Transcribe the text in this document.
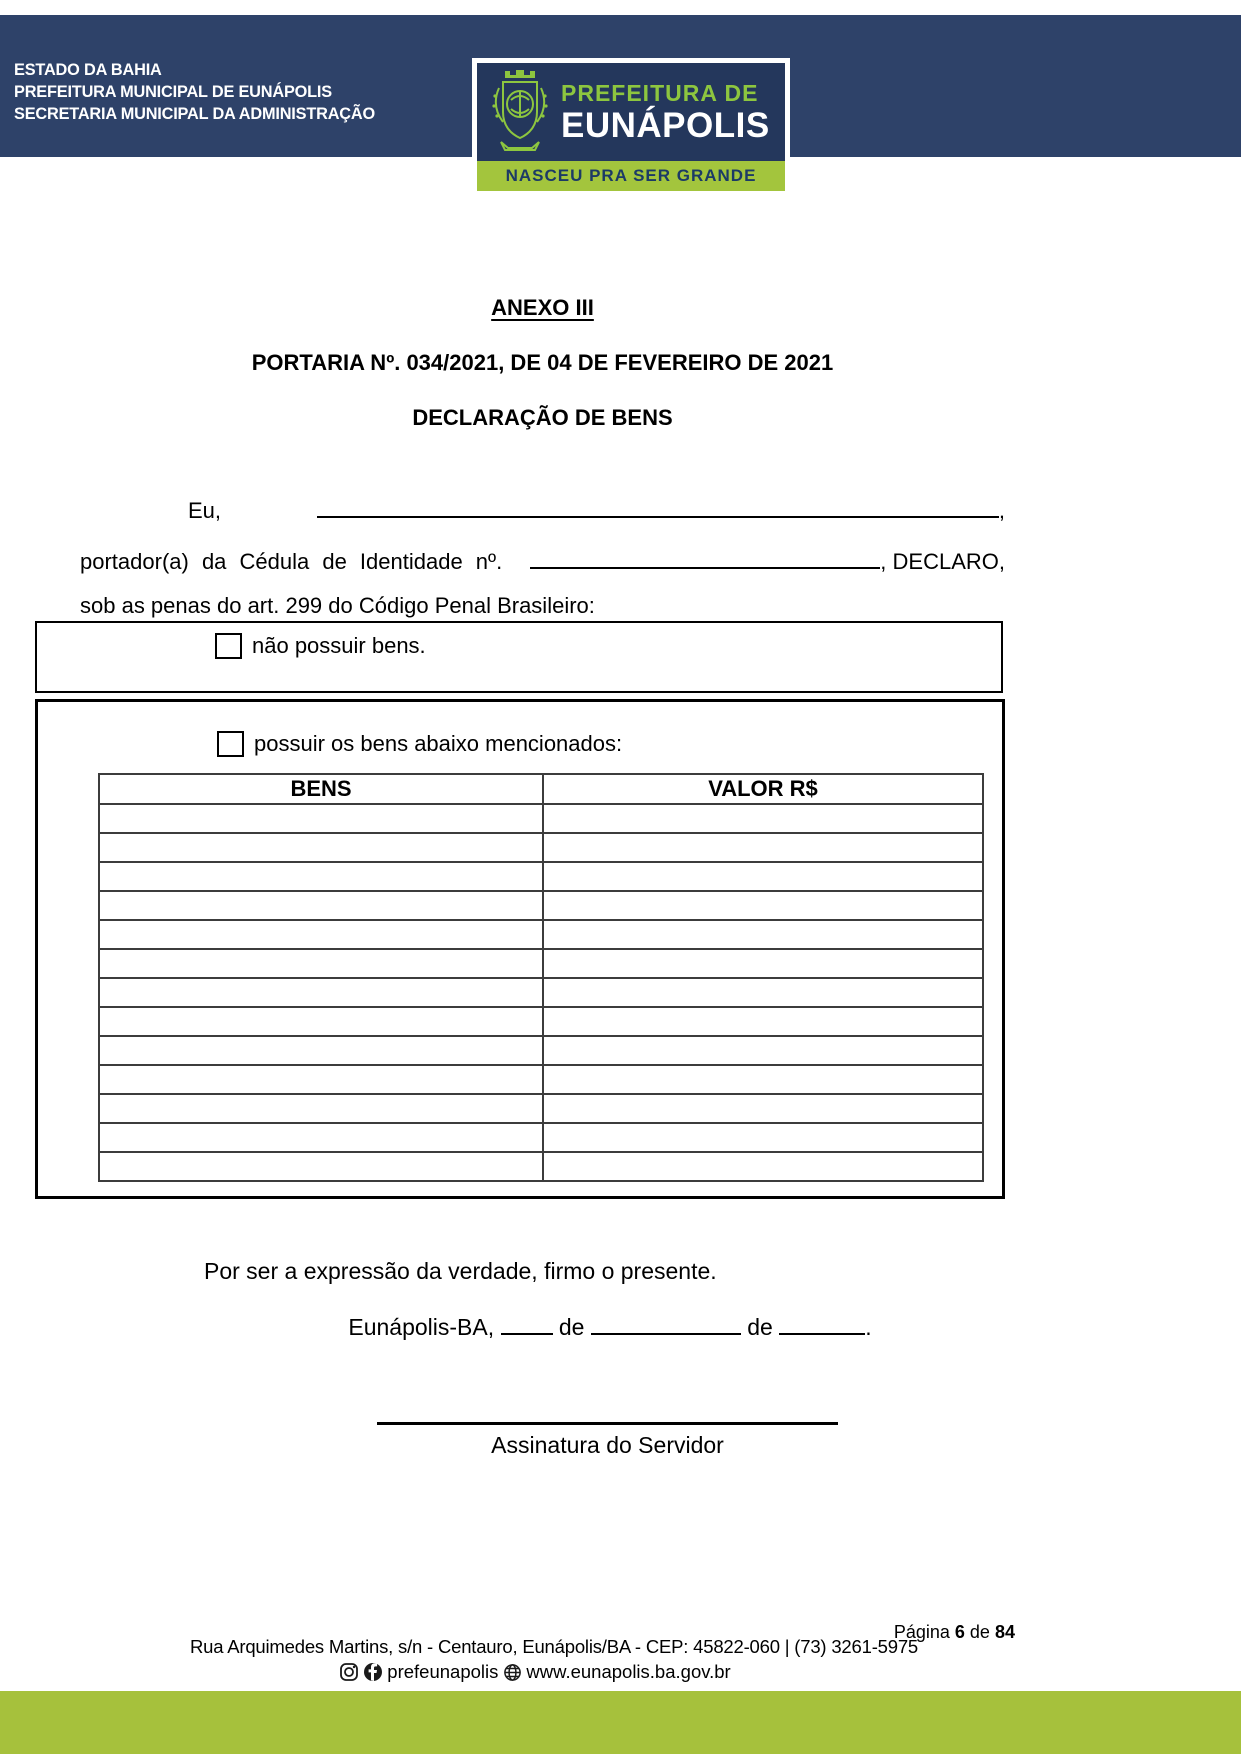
ESTADO DA BAHIA
PREFEITURA MUNICIPAL DE EUNÁPOLIS
SECRETARIA MUNICIPAL DA ADMINISTRAÇÃO
PREFEITURA DE
EUNÁPOLIS
NASCEU PRA SER GRANDE
ANEXO III
PORTARIA Nº. 034/2021, DE 04 DE FEVEREIRO DE 2021
DECLARAÇÃO DE BENS
Eu,	,
portador(a) da Cédula de Identidade nº.	, DECLARO,
sob as penas do art. 299 do Código Penal Brasileiro:
não possuir bens.
possuir os bens abaixo mencionados:
BENS	VALOR R$

Por ser a expressão da verdade, firmo o presente.
Eunápolis-BA,	de	de	.
Assinatura do Servidor
Página 6 de 84
Rua Arquimedes Martins, s/n - Centauro, Eunápolis/BA - CEP: 45822-060 | (73) 3261-5975
prefeunapolis www.eunapolis.ba.gov.br
